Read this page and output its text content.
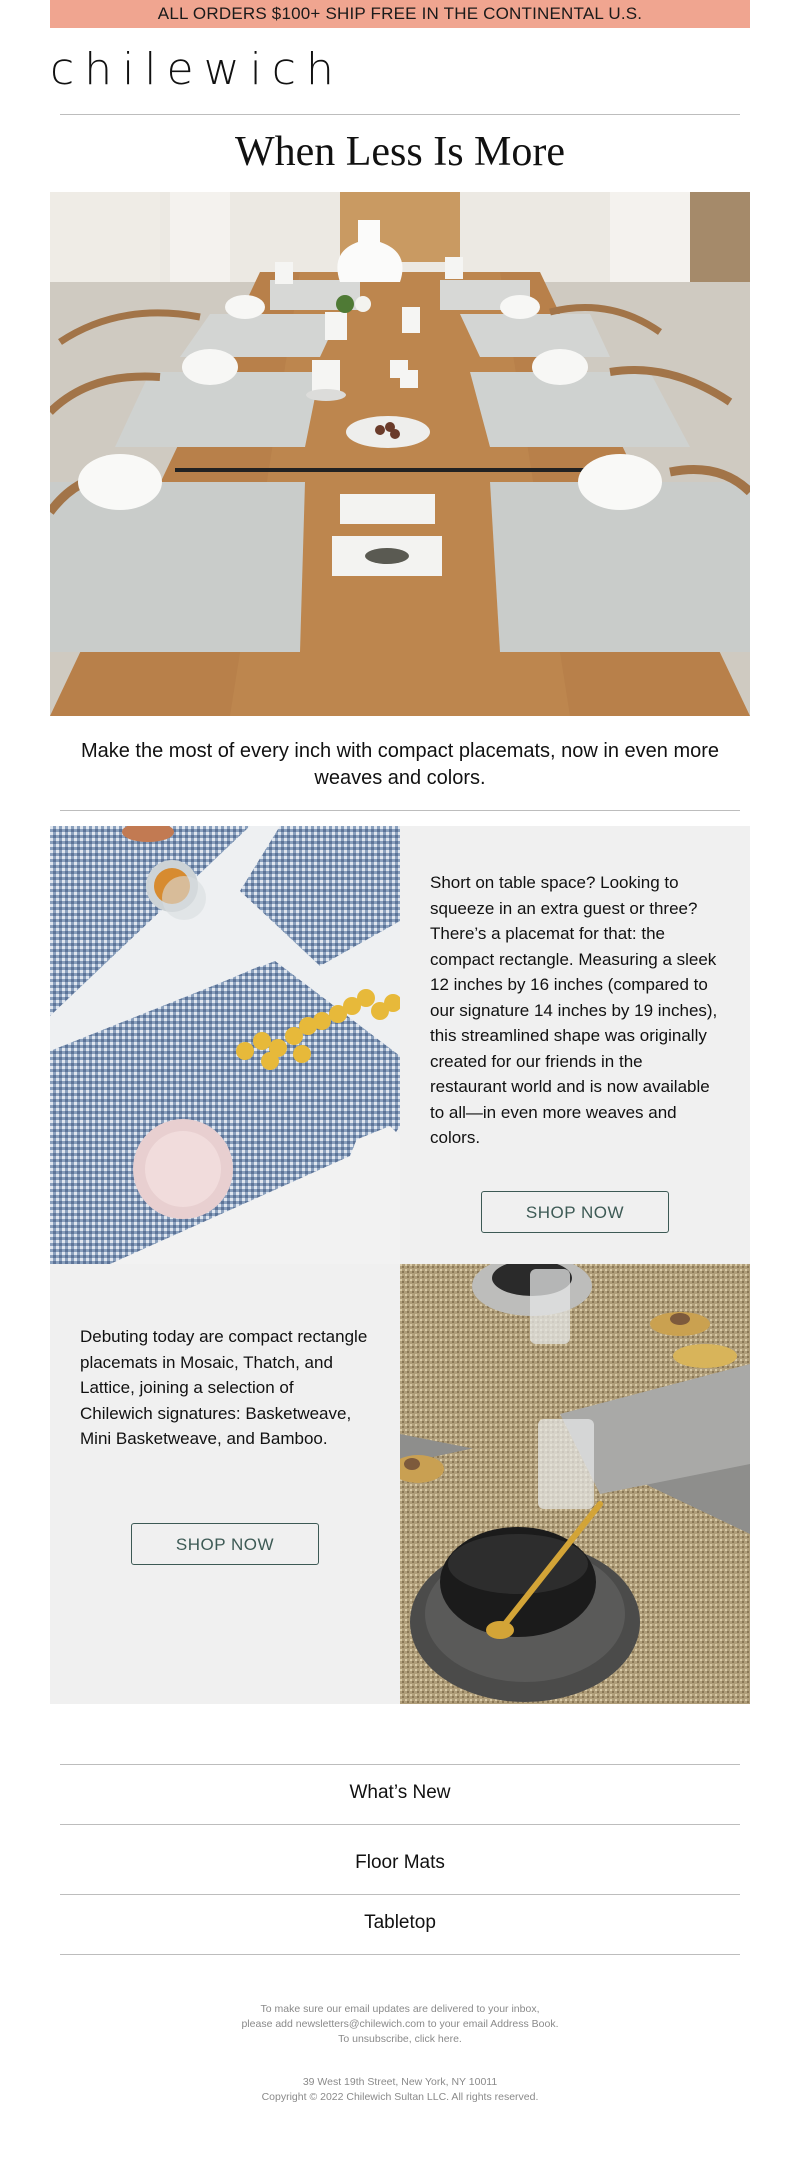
ALL ORDERS $100+ SHIP FREE IN THE CONTINENTAL U.S.
chilewich
When Less Is More
Make the most of every inch with compact placemats, now in even more weaves and colors.
Short on table space? Looking to squeeze in an extra guest or three? There’s a placemat for that: the compact rectangle. Measuring a sleek 12 inches by 16 inches (compared to our signature 14 inches by 19 inches), this streamlined shape was originally created for our friends in the restaurant world and is now available to all—in even more weaves and colors.
SHOP NOW
Debuting today are compact rectangle placemats in Mosaic, Thatch, and Lattice, joining a selection of Chilewich signatures: Basketweave, Mini Basketweave, and Bamboo.
SHOP NOW
What’s New
Floor Mats
Tabletop
To make sure our email updates are delivered to your inbox,
please add newsletters@chilewich.com to your email Address Book.
To unsubscribe, click here.
39 West 19th Street, New York, NY 10011
Copyright © 2022 Chilewich Sultan LLC. All rights reserved.
